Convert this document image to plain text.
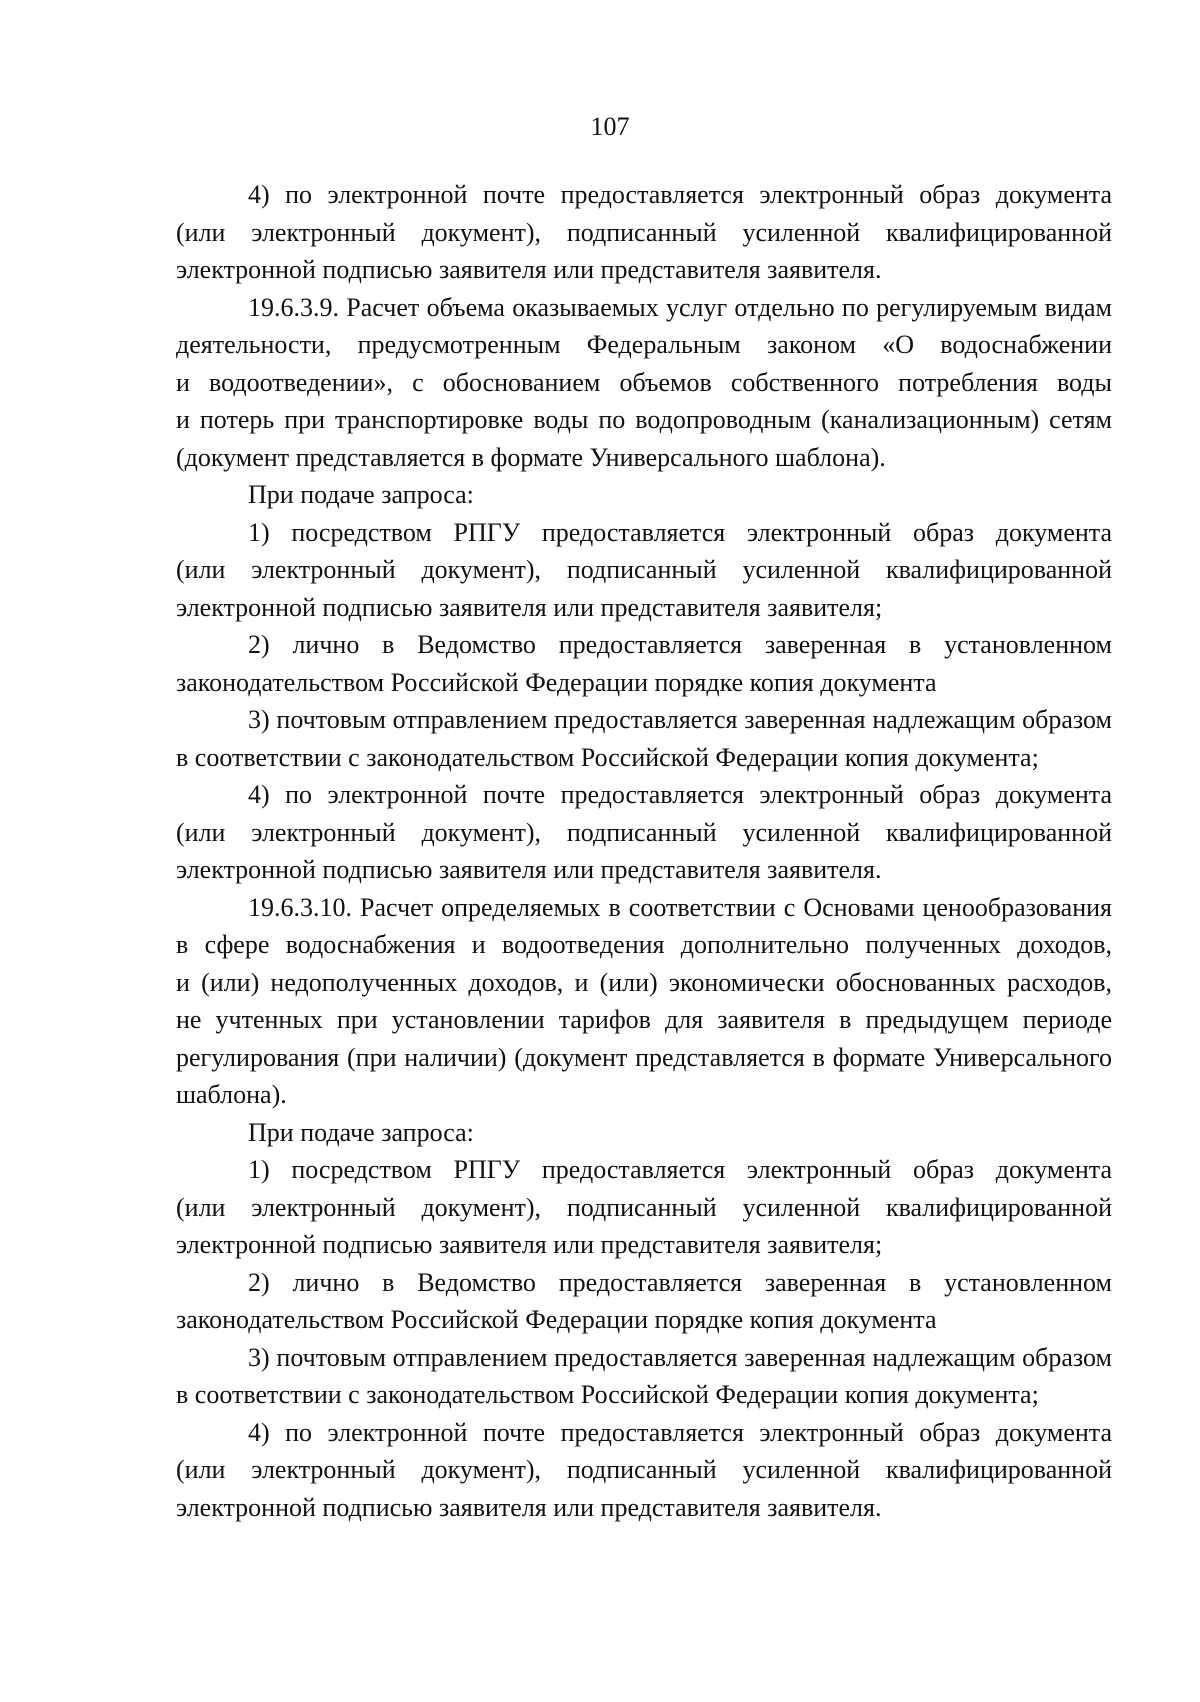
107
4) по электронной почте предоставляется электронный образ документа
(или электронный документ), подписанный усиленной квалифицированной
электронной подписью заявителя или представителя заявителя.
19.6.3.9. Расчет объема оказываемых услуг отдельно по регулируемым видам
деятельности, предусмотренным Федеральным законом «О водоснабжении
и водоотведении», с обоснованием объемов собственного потребления воды
и потерь при транспортировке воды по водопроводным (канализационным) сетям
(документ представляется в формате Универсального шаблона).
При подаче запроса:
1) посредством РПГУ предоставляется электронный образ документа
(или электронный документ), подписанный усиленной квалифицированной
электронной подписью заявителя или представителя заявителя;
2) лично в Ведомство предоставляется заверенная в установленном
законодательством Российской Федерации порядке копия документа
3) почтовым отправлением предоставляется заверенная надлежащим образом
в соответствии с законодательством Российской Федерации копия документа;
4) по электронной почте предоставляется электронный образ документа
(или электронный документ), подписанный усиленной квалифицированной
электронной подписью заявителя или представителя заявителя.
19.6.3.10. Расчет определяемых в соответствии с Основами ценообразования
в сфере водоснабжения и водоотведения дополнительно полученных доходов,
и (или) недополученных доходов, и (или) экономически обоснованных расходов,
не учтенных при установлении тарифов для заявителя в предыдущем периоде
регулирования (при наличии) (документ представляется в формате Универсального
шаблона).
При подаче запроса:
1) посредством РПГУ предоставляется электронный образ документа
(или электронный документ), подписанный усиленной квалифицированной
электронной подписью заявителя или представителя заявителя;
2) лично в Ведомство предоставляется заверенная в установленном
законодательством Российской Федерации порядке копия документа
3) почтовым отправлением предоставляется заверенная надлежащим образом
в соответствии с законодательством Российской Федерации копия документа;
4) по электронной почте предоставляется электронный образ документа
(или электронный документ), подписанный усиленной квалифицированной
электронной подписью заявителя или представителя заявителя.
